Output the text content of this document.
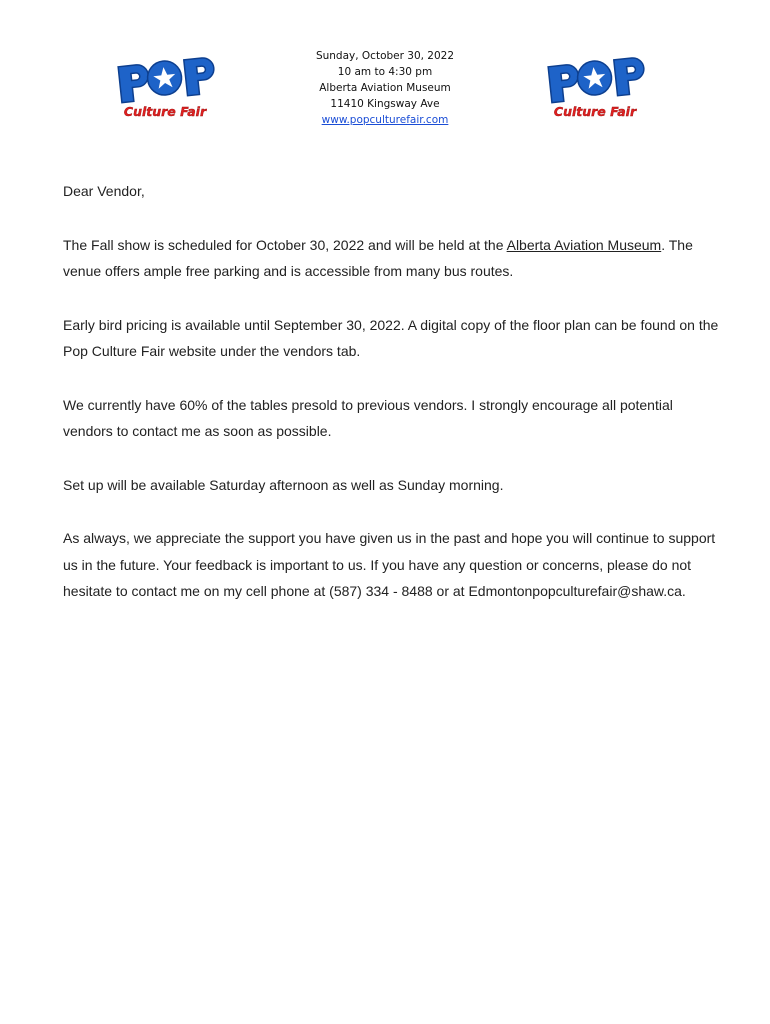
Culture Fair
Sunday, October 30, 2022
10 am to 4:30 pm
Alberta Aviation Museum
11410 Kingsway Ave
www.popculturefair.com
Culture Fair

Dear Vendor,

The Fall show is scheduled for October 30, 2022 and will be held at the Alberta Aviation Museum. The venue offers ample free parking and is accessible from many bus routes.

Early bird pricing is available until September 30, 2022. A digital copy of the floor plan can be found on the Pop Culture Fair website under the vendors tab.

We currently have 60% of the tables presold to previous vendors. I strongly encourage all potential vendors to contact me as soon as possible.

Set up will be available Saturday afternoon as well as Sunday morning.

As always, we appreciate the support you have given us in the past and hope you will continue to support us in the future. Your feedback is important to us. If you have any question or concerns, please do not hesitate to contact me on my cell phone at (587) 334 - 8488 or at Edmontonpopculturefair@shaw.ca.
